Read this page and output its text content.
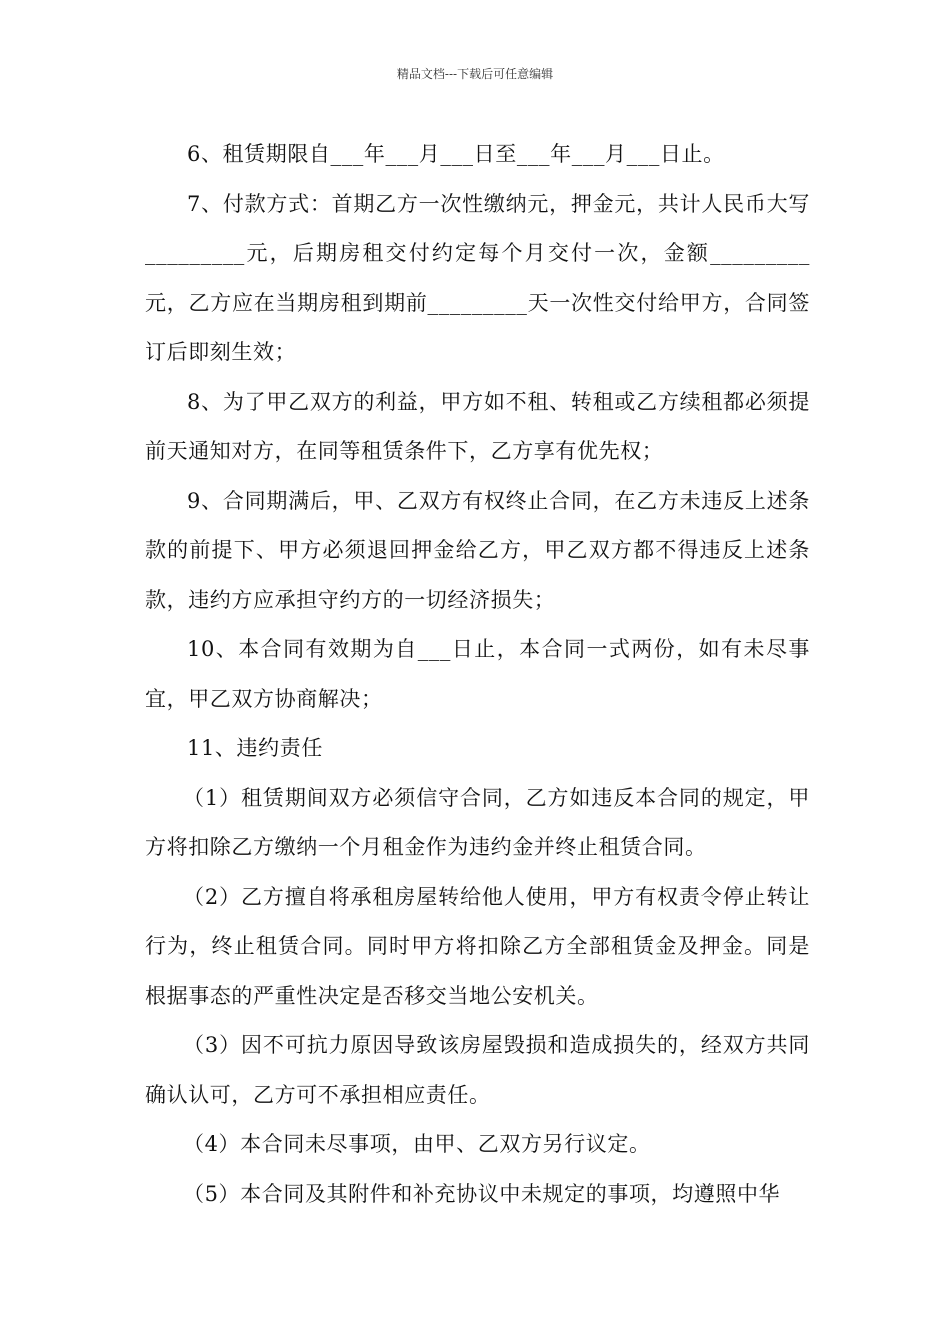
精品文档---下载后可任意编辑

6、租赁期限自___年___月___日至___年___月___日止。

7、付款方式：首期乙方一次性缴纳元，押金元，共计人民币大写_________元，后期房租交付约定每个月交付一次，金额_________元，乙方应在当期房租到期前_________天一次性交付给甲方，合同签订后即刻生效；

8、为了甲乙双方的利益，甲方如不租、转租或乙方续租都必须提前天通知对方，在同等租赁条件下，乙方享有优先权；

9、合同期满后，甲、乙双方有权终止合同，在乙方未违反上述条款的前提下、甲方必须退回押金给乙方，甲乙双方都不得违反上述条款，违约方应承担守约方的一切经济损失；

10、本合同有效期为自___日止，本合同一式两份，如有未尽事宜，甲乙双方协商解决；

11、违约责任

（1）租赁期间双方必须信守合同，乙方如违反本合同的规定，甲方将扣除乙方缴纳一个月租金作为违约金并终止租赁合同。

（2）乙方擅自将承租房屋转给他人使用，甲方有权责令停止转让行为，终止租赁合同。同时甲方将扣除乙方全部租赁金及押金。同是根据事态的严重性决定是否移交当地公安机关。

（3）因不可抗力原因导致该房屋毁损和造成损失的，经双方共同确认认可，乙方可不承担相应责任。

（4）本合同未尽事项，由甲、乙双方另行议定。

（5）本合同及其附件和补充协议中未规定的事项，均遵照中华
